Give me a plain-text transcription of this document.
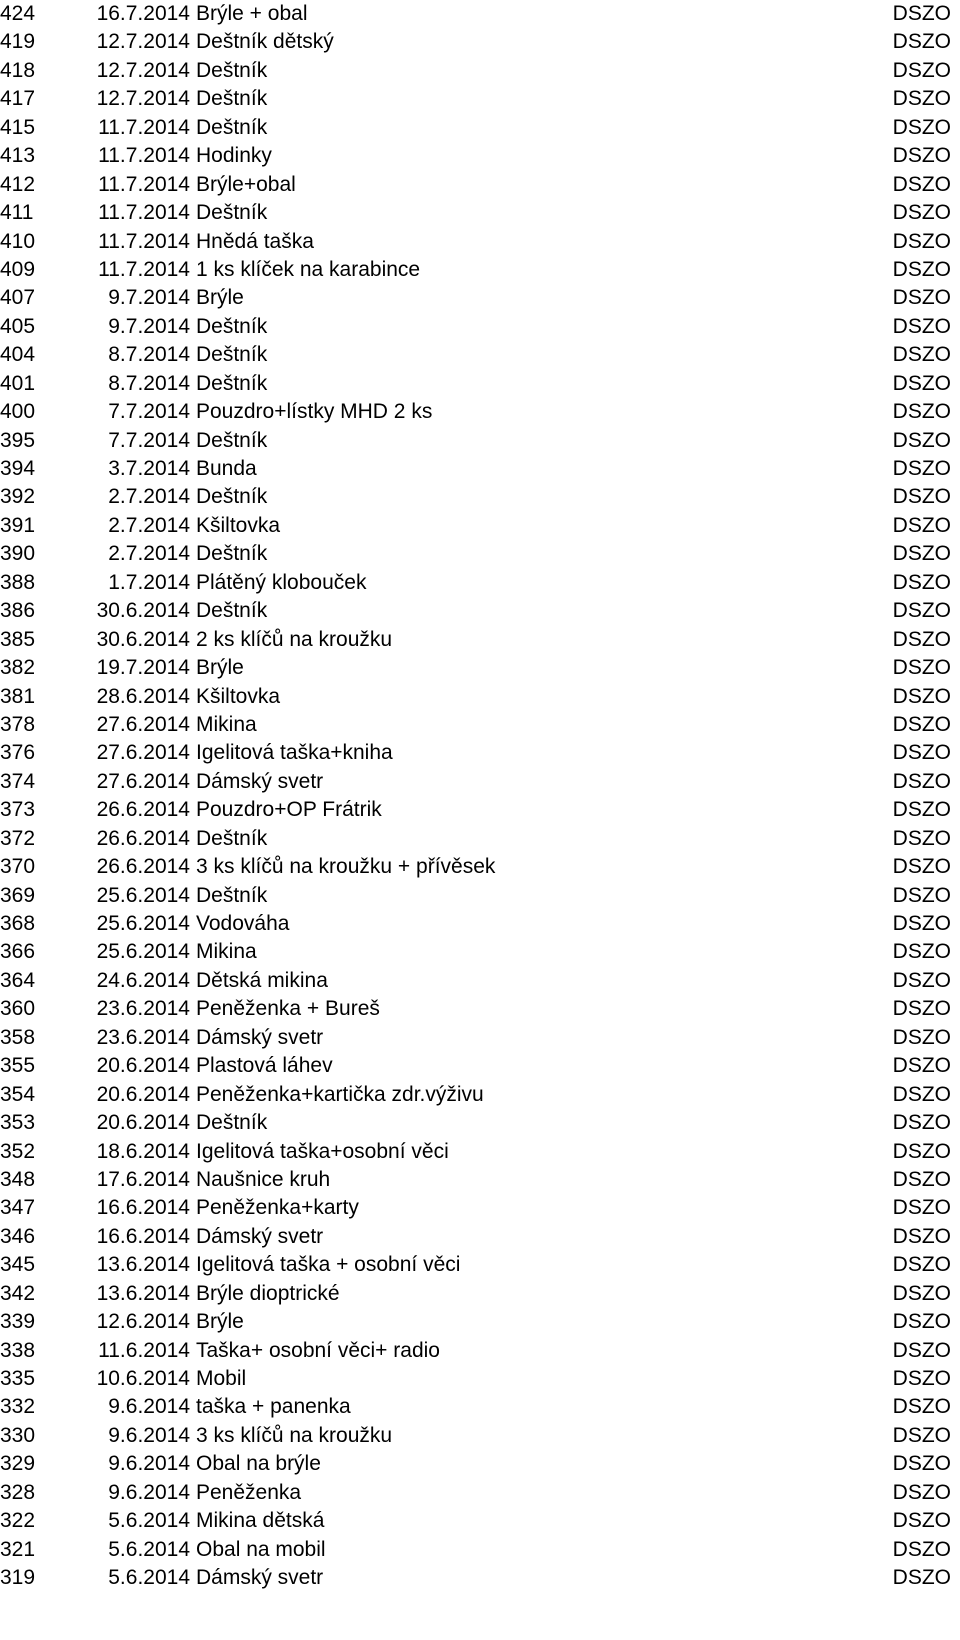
424	16.7.2014 Brýle + obal	DSZO
419	12.7.2014 Deštník dětský	DSZO
418	12.7.2014 Deštník	DSZO
417	12.7.2014 Deštník	DSZO
415	11.7.2014 Deštník	DSZO
413	11.7.2014 Hodinky	DSZO
412	11.7.2014 Brýle+obal	DSZO
411	11.7.2014 Deštník	DSZO
410	11.7.2014 Hnědá taška	DSZO
409	11.7.2014 1 ks klíček na karabince	DSZO
407	9.7.2014 Brýle	DSZO
405	9.7.2014 Deštník	DSZO
404	8.7.2014 Deštník	DSZO
401	8.7.2014 Deštník	DSZO
400	7.7.2014 Pouzdro+lístky MHD 2 ks	DSZO
395	7.7.2014 Deštník	DSZO
394	3.7.2014 Bunda	DSZO
392	2.7.2014 Deštník	DSZO
391	2.7.2014 Kšiltovka	DSZO
390	2.7.2014 Deštník	DSZO
388	1.7.2014 Plátěný klobouček	DSZO
386	30.6.2014 Deštník	DSZO
385	30.6.2014 2 ks klíčů na kroužku	DSZO
382	19.7.2014 Brýle	DSZO
381	28.6.2014 Kšiltovka	DSZO
378	27.6.2014 Mikina	DSZO
376	27.6.2014 Igelitová taška+kniha	DSZO
374	27.6.2014 Dámský svetr	DSZO
373	26.6.2014 Pouzdro+OP Frátrik	DSZO
372	26.6.2014 Deštník	DSZO
370	26.6.2014 3 ks klíčů na kroužku + přívěsek	DSZO
369	25.6.2014 Deštník	DSZO
368	25.6.2014 Vodováha	DSZO
366	25.6.2014 Mikina	DSZO
364	24.6.2014 Dětská mikina	DSZO
360	23.6.2014 Peněženka + Bureš	DSZO
358	23.6.2014 Dámský svetr	DSZO
355	20.6.2014 Plastová láhev	DSZO
354	20.6.2014 Peněženka+kartička zdr.výživu	DSZO
353	20.6.2014 Deštník	DSZO
352	18.6.2014 Igelitová taška+osobní věci	DSZO
348	17.6.2014 Naušnice kruh	DSZO
347	16.6.2014 Peněženka+karty	DSZO
346	16.6.2014 Dámský svetr	DSZO
345	13.6.2014 Igelitová taška + osobní věci	DSZO
342	13.6.2014 Brýle dioptrické	DSZO
339	12.6.2014 Brýle	DSZO
338	11.6.2014 Taška+ osobní věci+ radio	DSZO
335	10.6.2014 Mobil	DSZO
332	9.6.2014 taška + panenka	DSZO
330	9.6.2014 3 ks klíčů na kroužku	DSZO
329	9.6.2014 Obal na brýle	DSZO
328	9.6.2014 Peněženka	DSZO
322	5.6.2014 Mikina dětská	DSZO
321	5.6.2014 Obal na mobil	DSZO
319	5.6.2014 Dámský svetr	DSZO
